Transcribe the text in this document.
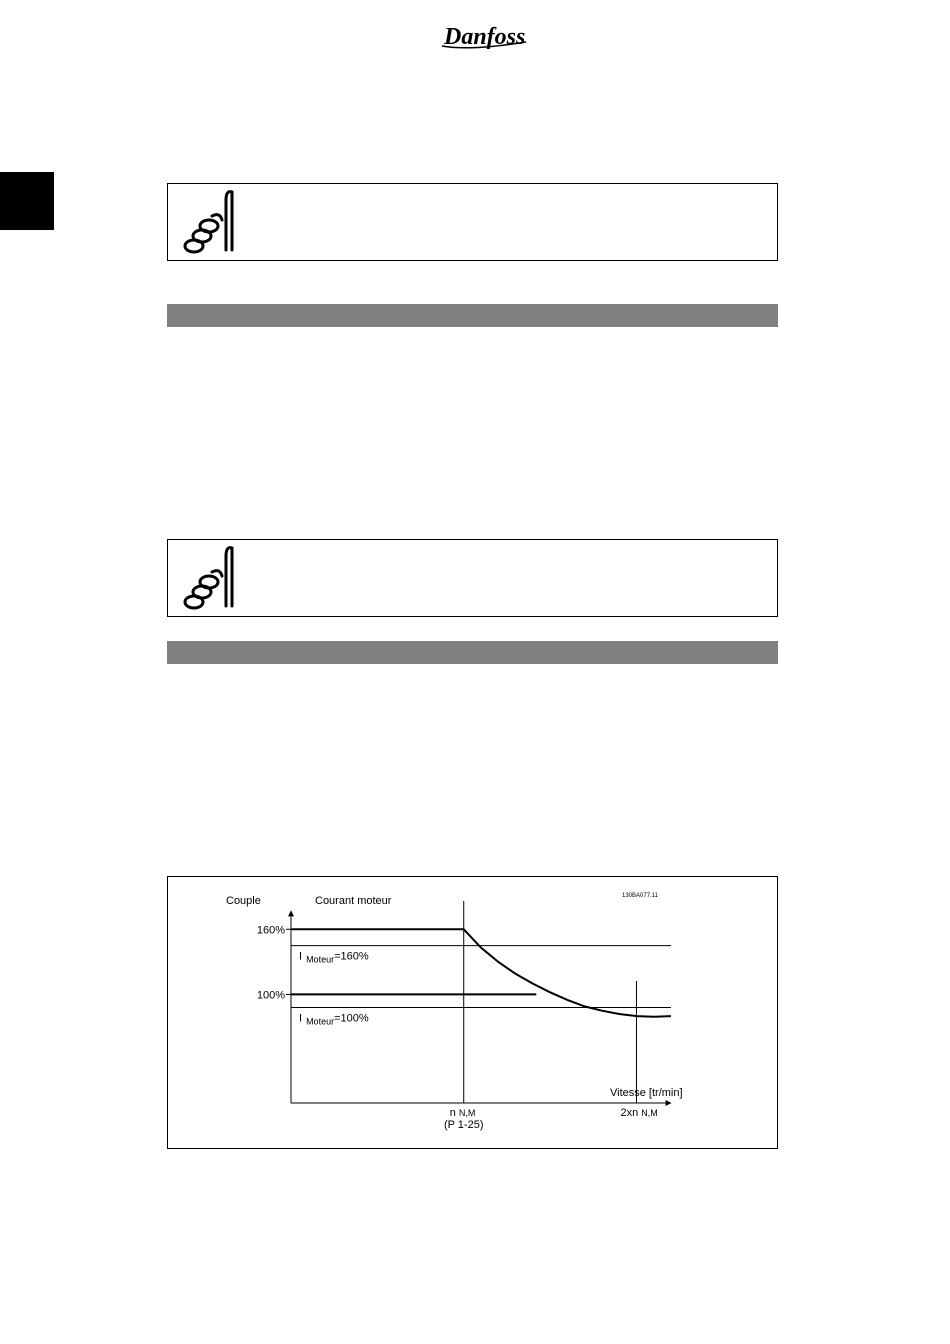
Danfoss
130BA077.11
Couple	Courant moteur
160%
100%
I $_{Moteur}$=160%
I $_{Moteur}$=100%
Vitesse [tr/min]
n N,M
(P 1-25)
2xn N,M
